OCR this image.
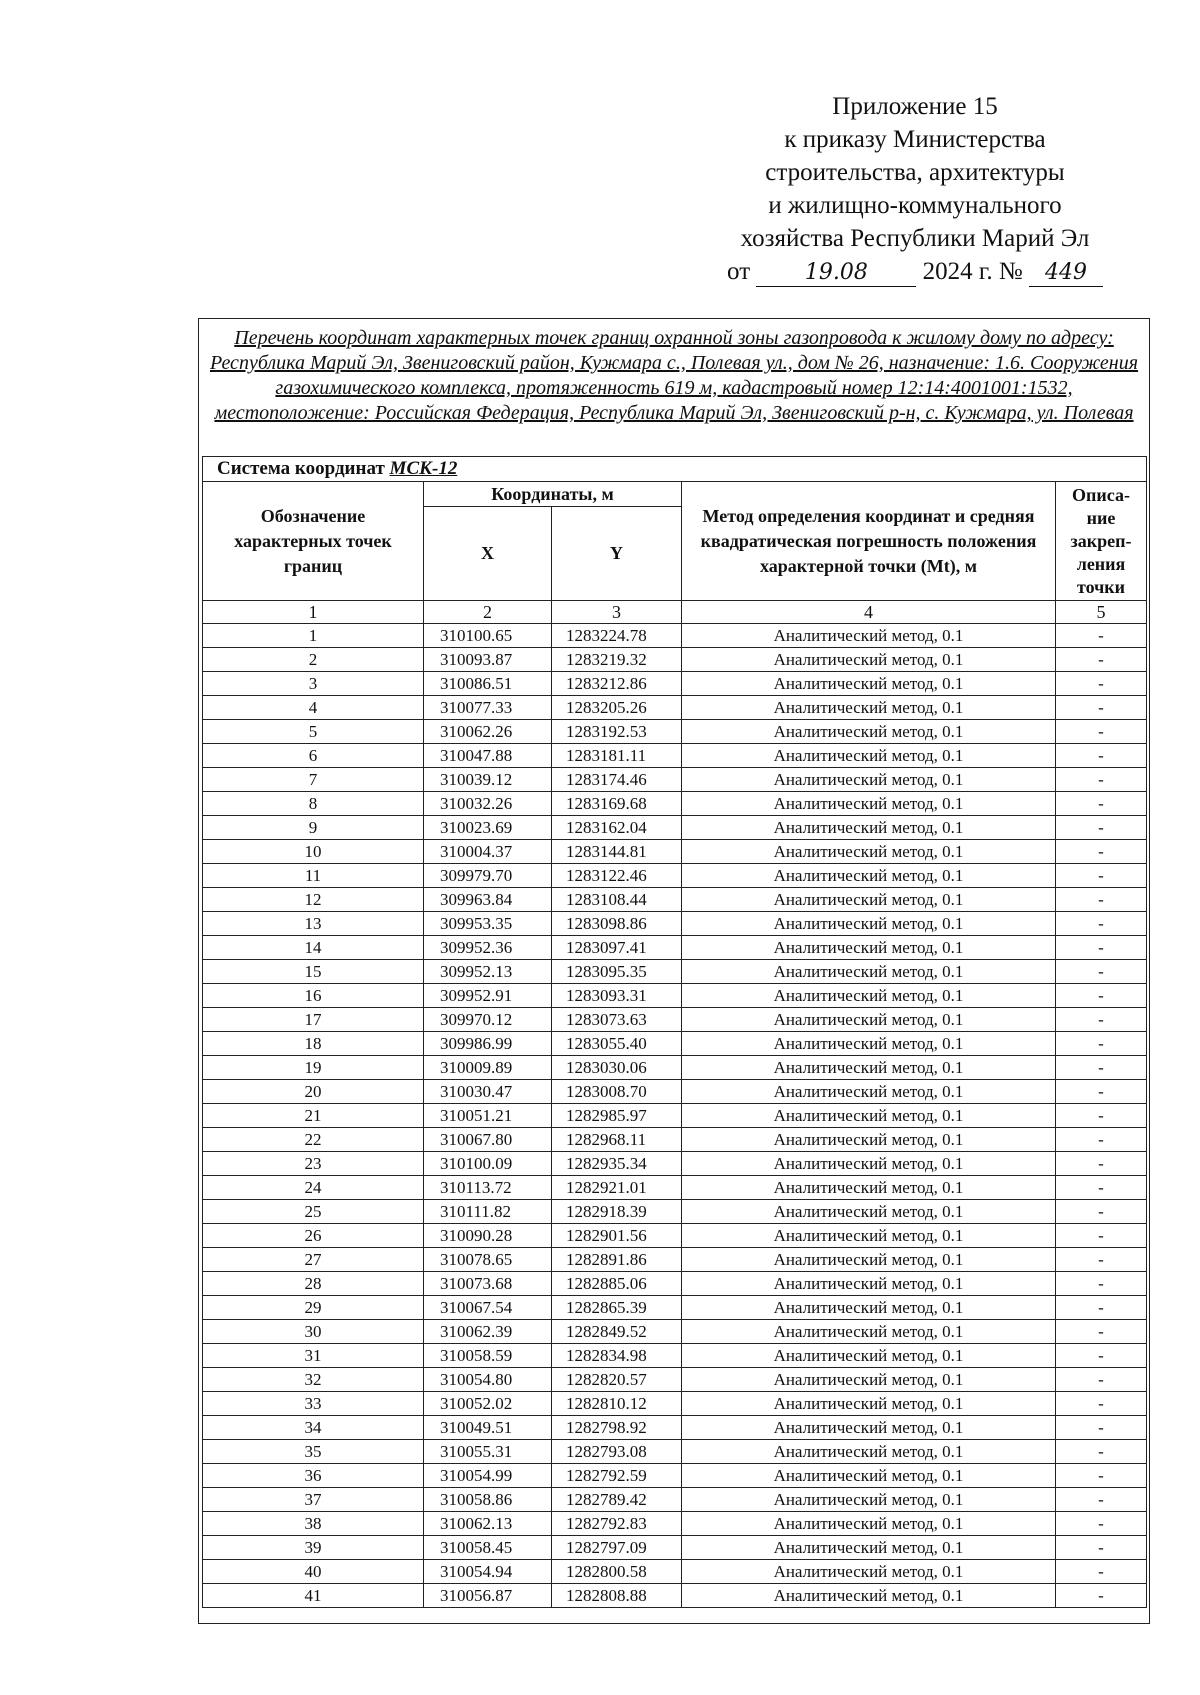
Приложение 15
к приказу Министерства
строительства, архитектуры
и жилищно-коммунального
хозяйства Республики Марий Эл
от 19.08 2024 г. № 449
Перечень координат характерных точек границ охранной зоны газопровода к жилому дому по адресу: Республика Марий Эл, Звениговский район, Кужмара с., Полевая ул., дом № 26, назначение: 1.6. Сооружения газохимического комплекса, протяженность 619 м, кадастровый номер 12:14:4001001:1532, местоположение: Российская Федерация, Республика Марий Эл, Звениговский р-н, с. Кужмара, ул. Полевая
Система координат МСК-12				
Обозначение характерных точек границ	Координаты, м		Метод определения координат и средняя квадратическая погрешность положения характерной точки (Mt), м	Описа-ние закреп-ления точки
	X	Y		
1	2	3	4	5
1	310100.65	1283224.78	Аналитический метод, 0.1	-
2	310093.87	1283219.32	Аналитический метод, 0.1	-
3	310086.51	1283212.86	Аналитический метод, 0.1	-
4	310077.33	1283205.26	Аналитический метод, 0.1	-
5	310062.26	1283192.53	Аналитический метод, 0.1	-
6	310047.88	1283181.11	Аналитический метод, 0.1	-
7	310039.12	1283174.46	Аналитический метод, 0.1	-
8	310032.26	1283169.68	Аналитический метод, 0.1	-
9	310023.69	1283162.04	Аналитический метод, 0.1	-
10	310004.37	1283144.81	Аналитический метод, 0.1	-
11	309979.70	1283122.46	Аналитический метод, 0.1	-
12	309963.84	1283108.44	Аналитический метод, 0.1	-
13	309953.35	1283098.86	Аналитический метод, 0.1	-
14	309952.36	1283097.41	Аналитический метод, 0.1	-
15	309952.13	1283095.35	Аналитический метод, 0.1	-
16	309952.91	1283093.31	Аналитический метод, 0.1	-
17	309970.12	1283073.63	Аналитический метод, 0.1	-
18	309986.99	1283055.40	Аналитический метод, 0.1	-
19	310009.89	1283030.06	Аналитический метод, 0.1	-
20	310030.47	1283008.70	Аналитический метод, 0.1	-
21	310051.21	1282985.97	Аналитический метод, 0.1	-
22	310067.80	1282968.11	Аналитический метод, 0.1	-
23	310100.09	1282935.34	Аналитический метод, 0.1	-
24	310113.72	1282921.01	Аналитический метод, 0.1	-
25	310111.82	1282918.39	Аналитический метод, 0.1	-
26	310090.28	1282901.56	Аналитический метод, 0.1	-
27	310078.65	1282891.86	Аналитический метод, 0.1	-
28	310073.68	1282885.06	Аналитический метод, 0.1	-
29	310067.54	1282865.39	Аналитический метод, 0.1	-
30	310062.39	1282849.52	Аналитический метод, 0.1	-
31	310058.59	1282834.98	Аналитический метод, 0.1	-
32	310054.80	1282820.57	Аналитический метод, 0.1	-
33	310052.02	1282810.12	Аналитический метод, 0.1	-
34	310049.51	1282798.92	Аналитический метод, 0.1	-
35	310055.31	1282793.08	Аналитический метод, 0.1	-
36	310054.99	1282792.59	Аналитический метод, 0.1	-
37	310058.86	1282789.42	Аналитический метод, 0.1	-
38	310062.13	1282792.83	Аналитический метод, 0.1	-
39	310058.45	1282797.09	Аналитический метод, 0.1	-
40	310054.94	1282800.58	Аналитический метод, 0.1	-
41	310056.87	1282808.88	Аналитический метод, 0.1	-
